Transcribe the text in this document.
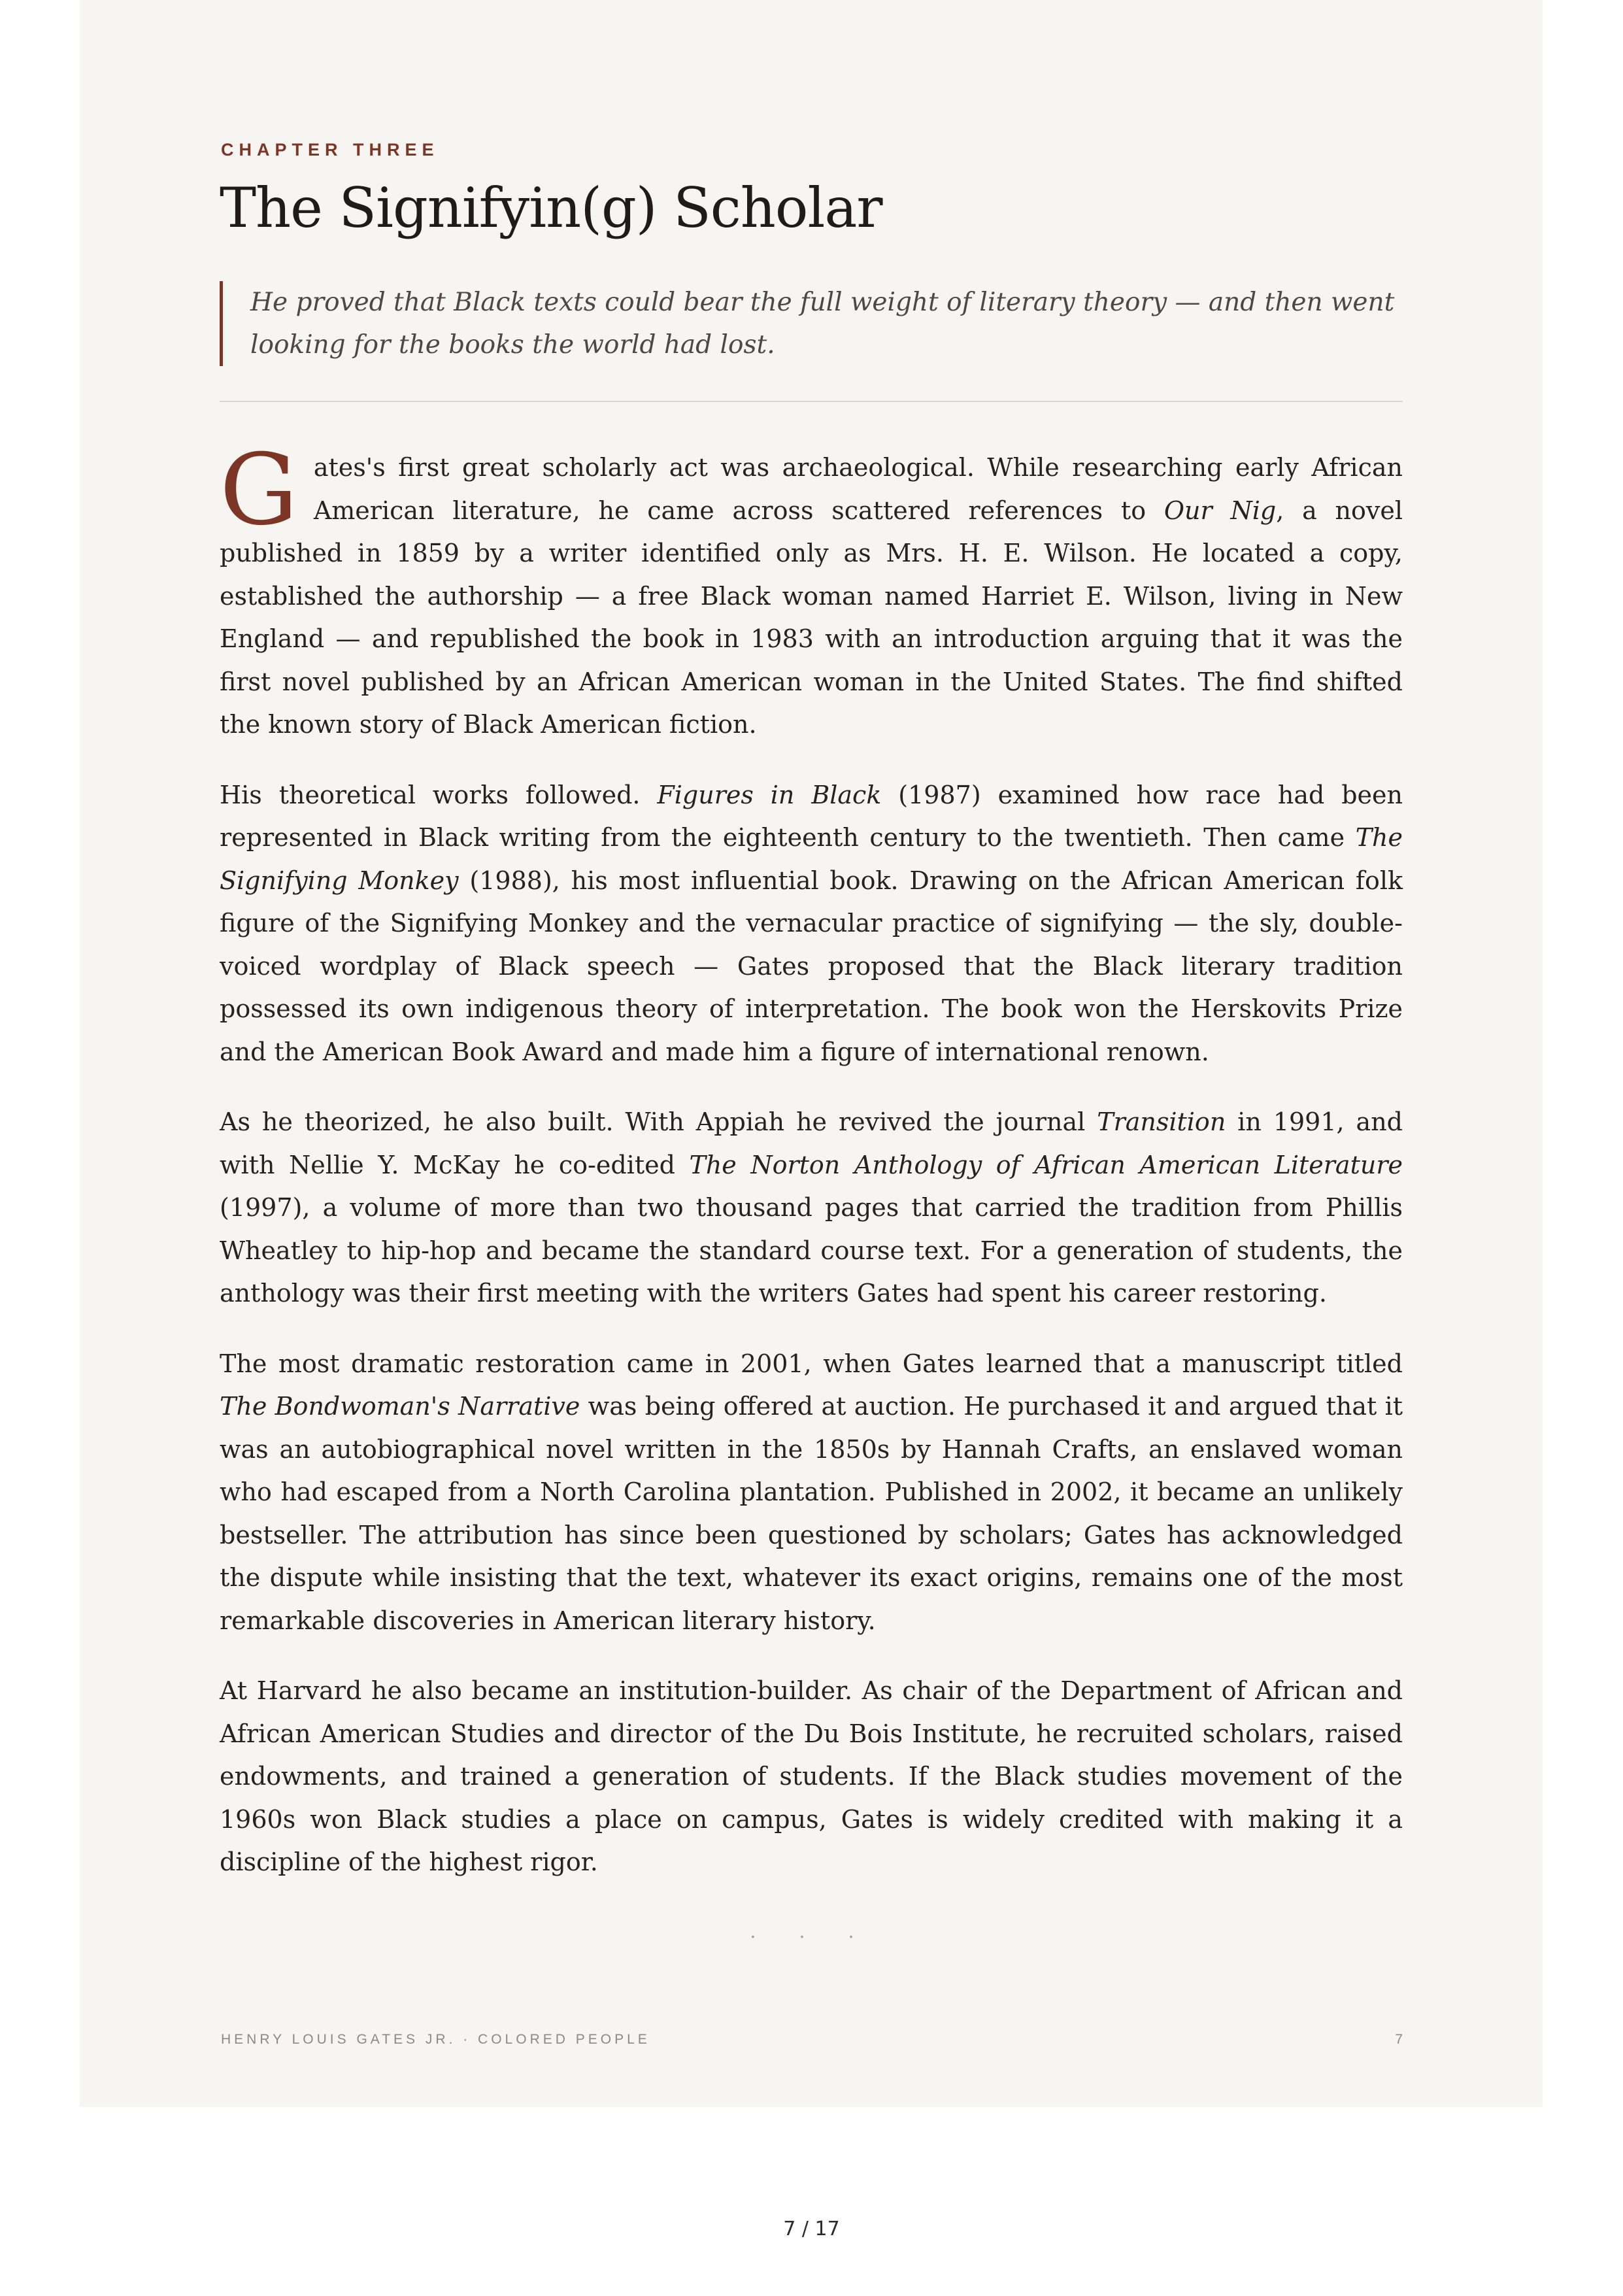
CHAPTER THREE
The Signifyin(g) Scholar
He proved that Black texts could bear the full weight of literary theory — and then went looking for the books the world had lost.

Gates's first great scholarly act was archaeological. While researching early African American literature, he came across scattered references to Our Nig, a novel published in 1859 by a writer identified only as Mrs. H. E. Wilson. He located a copy, established the authorship — a free Black woman named Harriet E. Wilson, living in New England — and republished the book in 1983 with an introduction arguing that it was the first novel published by an African American woman in the United States. The find shifted the known story of Black American fiction.

His theoretical works followed. Figures in Black (1987) examined how race had been represented in Black writing from the eighteenth century to the twentieth. Then came The Signifying Monkey (1988), his most influential book. Drawing on the African American folk figure of the Signifying Monkey and the vernacular practice of signifying — the sly, double-voiced wordplay of Black speech — Gates proposed that the Black literary tradition possessed its own indigenous theory of interpretation. The book won the Herskovits Prize and the American Book Award and made him a figure of international renown.

As he theorized, he also built. With Appiah he revived the journal Transition in 1991, and with Nellie Y. McKay he co-edited The Norton Anthology of African American Literature (1997), a volume of more than two thousand pages that carried the tradition from Phillis Wheatley to hip-hop and became the standard course text. For a generation of students, the anthology was their first meeting with the writers Gates had spent his career restoring.

The most dramatic restoration came in 2001, when Gates learned that a manuscript titled The Bondwoman's Narrative was being offered at auction. He purchased it and argued that it was an autobiographical novel written in the 1850s by Hannah Crafts, an enslaved woman who had escaped from a North Carolina plantation. Published in 2002, it became an unlikely bestseller. The attribution has since been questioned by scholars; Gates has acknowledged the dispute while insisting that the text, whatever its exact origins, remains one of the most remarkable discoveries in American literary history.

At Harvard he also became an institution-builder. As chair of the Department of African and African American Studies and director of the Du Bois Institute, he recruited scholars, raised endowments, and trained a generation of students. If the Black studies movement of the 1960s won Black studies a place on campus, Gates is widely credited with making it a discipline of the highest rigor.

· · ·
HENRY LOUIS GATES JR. · COLORED PEOPLE	7
7 / 17
